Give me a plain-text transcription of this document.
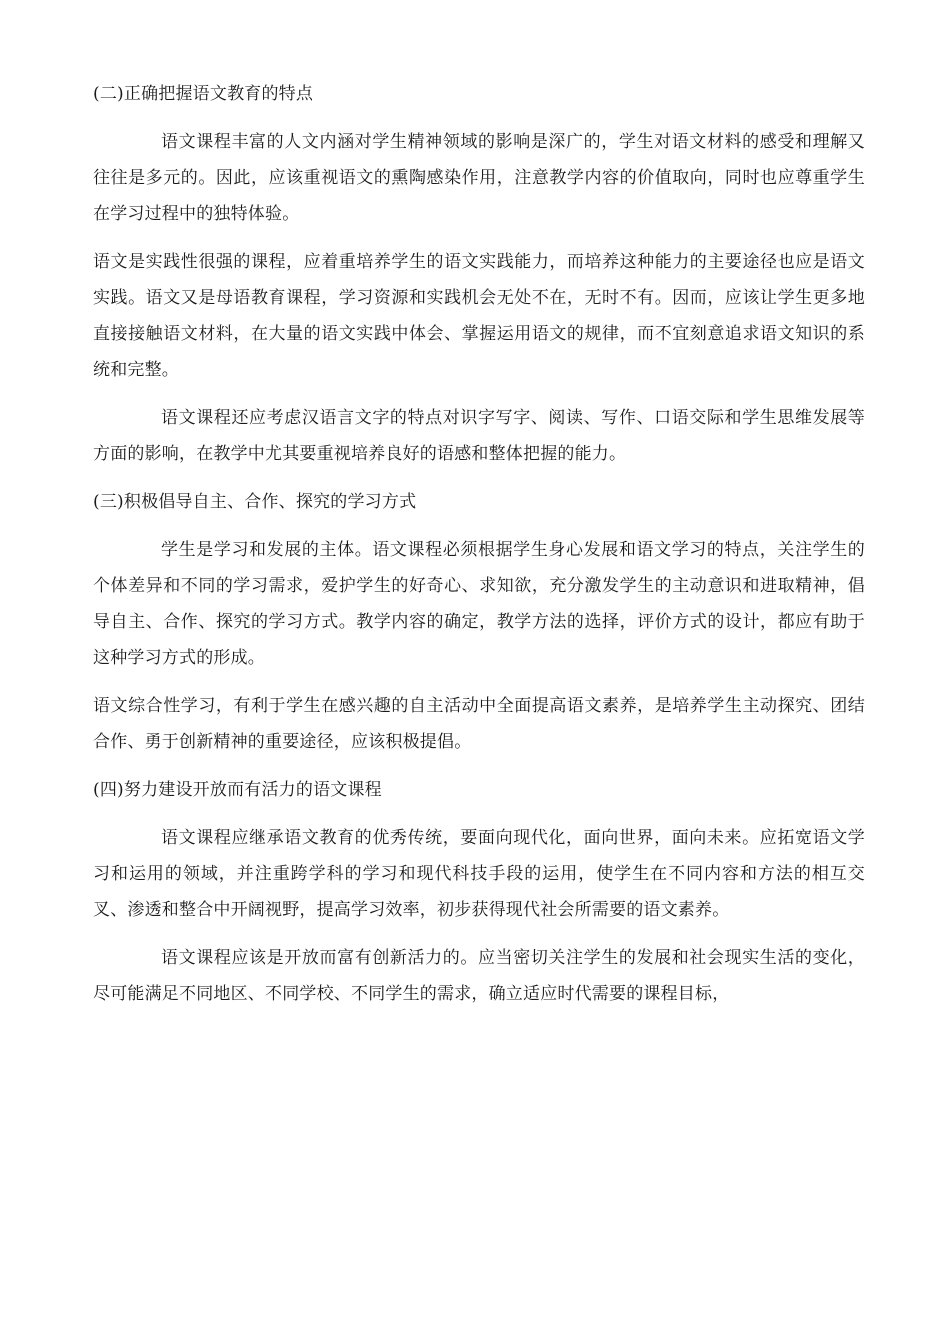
(二)正确把握语文教育的特点

语文课程丰富的人文内涵对学生精神领域的影响是深广的，学生对语文材料的感受和理解又往往是多元的。因此，应该重视语文的熏陶感染作用，注意教学内容的价值取向，同时也应尊重学生在学习过程中的独特体验。

语文是实践性很强的课程，应着重培养学生的语文实践能力，而培养这种能力的主要途径也应是语文实践。语文又是母语教育课程，学习资源和实践机会无处不在，无时不有。因而，应该让学生更多地直接接触语文材料，在大量的语文实践中体会、掌握运用语文的规律，而不宜刻意追求语文知识的系统和完整。

语文课程还应考虑汉语言文字的特点对识字写字、阅读、写作、口语交际和学生思维发展等方面的影响，在教学中尤其要重视培养良好的语感和整体把握的能力。

(三)积极倡导自主、合作、探究的学习方式

学生是学习和发展的主体。语文课程必须根据学生身心发展和语文学习的特点，关注学生的个体差异和不同的学习需求，爱护学生的好奇心、求知欲，充分激发学生的主动意识和进取精神，倡导自主、合作、探究的学习方式。教学内容的确定，教学方法的选择，评价方式的设计，都应有助于这种学习方式的形成。

语文综合性学习，有利于学生在感兴趣的自主活动中全面提高语文素养，是培养学生主动探究、团结合作、勇于创新精神的重要途径，应该积极提倡。

(四)努力建设开放而有活力的语文课程

语文课程应继承语文教育的优秀传统，要面向现代化，面向世界，面向未来。应拓宽语文学习和运用的领域，并注重跨学科的学习和现代科技手段的运用，使学生在不同内容和方法的相互交叉、渗透和整合中开阔视野，提高学习效率，初步获得现代社会所需要的语文素养。

语文课程应该是开放而富有创新活力的。应当密切关注学生的发展和社会现实生活的变化，尽可能满足不同地区、不同学校、不同学生的需求，确立适应时代需要的课程目标，
